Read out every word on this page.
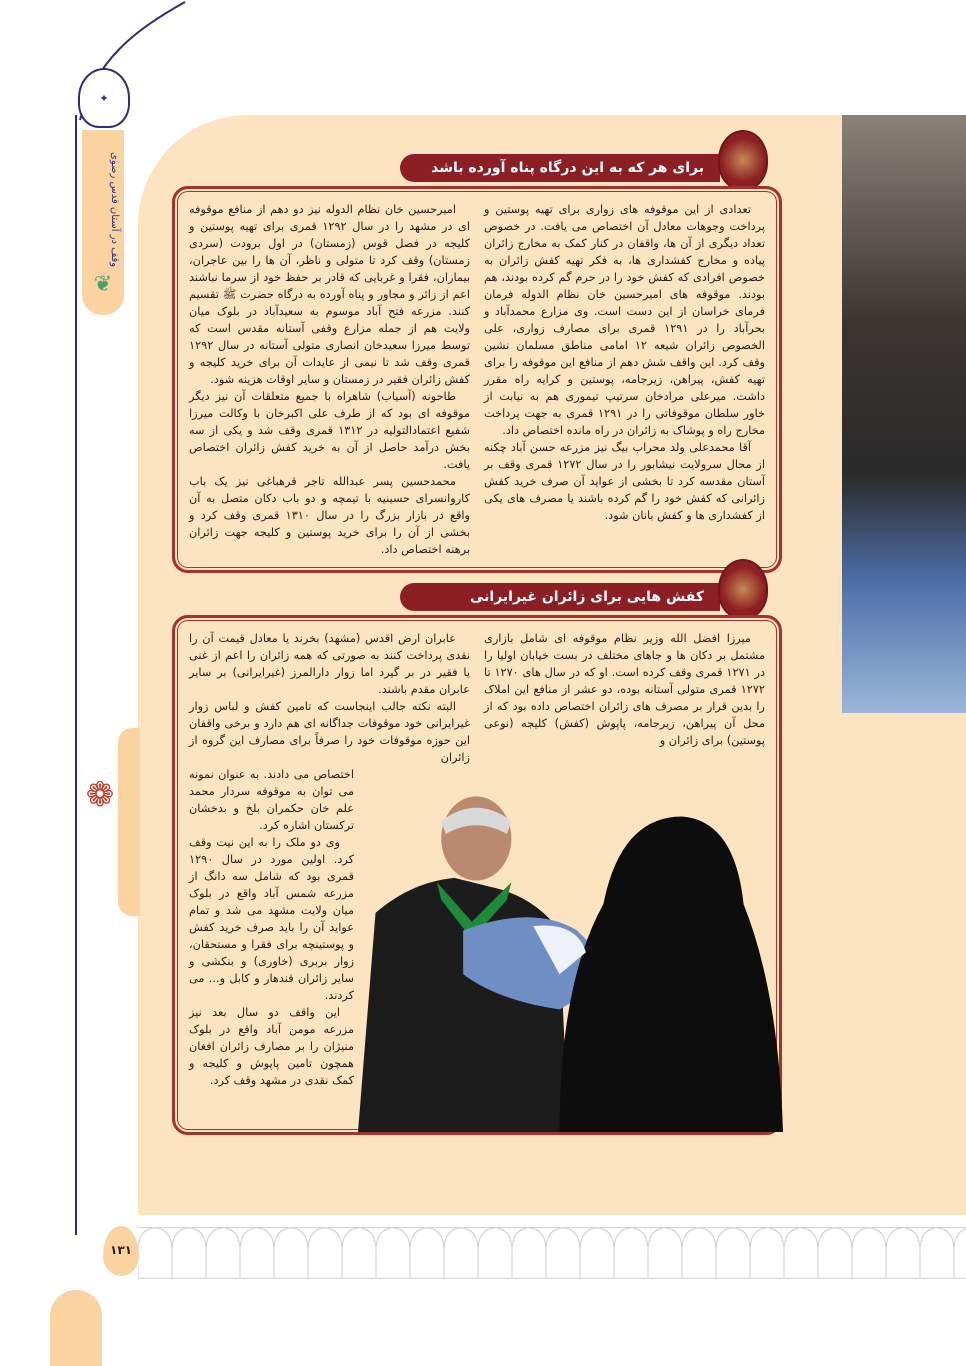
✦
وقف در آستان قدس رضوی
❦
❁
برای هر که به این درگاه پناه آورده باشد

تعدادی از این موقوفه های زواری برای تهیه پوستین و پرداخت وجوهات معادل آن اختصاص می یافت. در خصوص تعداد دیگری از آن ها، واقفان در کنار کمک به مخارج زائران پیاده و مخارج کفشداری ها، به فکر تهیه کفش زائران به خصوص افرادی که کفش خود را در حرم گم کرده بودند، هم بودند. موقوفه های امیرحسین خان نظام الدوله فرمان فرمای خراسان از این دست است. وی مزارع محمدآباد و بحرآباد را در ۱۲۹۱ قمری برای مصارف زواری، علی الخصوص زائران شیعه ۱۲ امامی مناطق مسلمان نشین وقف کرد. این واقف شش دهم از منافع این موقوفه را برای تهیه کفش، پیراهن، زیرجامه، پوستین و کرایه راه مقرر داشت. میرعلی مرادخان سرتیپ تیموری هم به نیابت از خاور سلطان موقوفاتی را در ۱۲۹۱ قمری به جهت پرداخت مخارج راه و پوشاک به زائران در راه مانده اختصاص داد.

آقا محمدعلی ولد محراب بیگ نیز مزرعه حسن آباد چکنه از محال سرولایت نیشابور را در سال ۱۲۷۲ قمری وقف بر آستان مقدسه کرد تا بخشی از عواید آن صرف خرید کفش زائرانی که کفش خود را گم کرده باشند یا مصرف های یکی از کفشداری ها و کفش بانان شود.

امیرحسین خان نظام الدوله نیز دو دهم از منافع موقوفه ای در مشهد را در سال ۱۲۹۲ قمری برای تهیه پوستین و کلیجه در فصل قوس (زمستان) در اول برودت (سردی زمستان) وقف کرد تا متولی و ناظر، آن ها را بین عاجران، بیماران، فقرا و غربایی که قادر بر حفظ خود از سرما نباشند اعم از زائر و مجاور و پناه آورده به درگاه حضرت ﷺ تقسیم کنند. مزرعه فتح آباد موسوم به سعیدآباد در بلوک میان ولایت هم از جمله مزارع وقفی آستانه مقدس است که توسط میرزا سعیدخان انصاری متولی آستانه در سال ۱۲۹۲ قمری وقف شد تا نیمی از عایدات آن برای خرید کلیجه و کفش زائران فقیر در زمستان و سایر اوقات هزینه شود.

طاحونه (آسیاب) شاهراه با جمیع متعلقات آن نیز دیگر موقوفه ای بود که از طرف علی اکبرخان با وکالت میرزا شفیع اعتمادالتولیه در ۱۳۱۲ قمری وقف شد و یکی از سه بخش درآمد حاصل از آن به خرید کفش زائران اختصاص یافت.

محمدحسین پسر عبدالله تاجر قرهباغی نیز یک باب کاروانسرای حسینیه با تیمچه و دو باب دکان متصل به آن واقع در بازار بزرگ را در سال ۱۳۱۰ قمری وقف کرد و بخشی از آن را برای خرید پوستین و کلیجه جهت زائران برهنه اختصاص داد.

کفش هایی برای زائران غیرایرانی

میرزا افضل الله وزیر نظام موقوفه ای شامل بازاری مشتمل بر دکان ها و جاهای مختلف در بست خیابان اولیا را در ۱۲۷۱ قمری وقف کرده است. او که در سال های ۱۲۷۰ تا ۱۲۷۲ قمری متولی آستانه بوده، دو عشر از منافع این املاک را بدین قرار بر مصرف های زائران اختصاص داده بود که از محل آن پیراهن، زیرجامه، پاپوش (کفش) کلیجه (نوعی پوستین) برای زائران و

عابران ارض اقدس (مشهد) بخرند یا معادل قیمت آن را نقدی پرداخت کنند به صورتی که همه زائران را اعم از غنی یا فقیر در بر گیرد اما زوار دارالمرز (غیرایرانی) بر سایر عابران مقدم باشند.

البته نکته جالب اینجاست که تامین کفش و لباس زوار غیرایرانی خود موقوفات جداگانه ای هم دارد و برخی واقفان این حوزه موقوفات خود را صرفاً برای مصارف این گروه از زائران

اختصاص می دادند. به عنوان نمونه می توان به موقوفه سردار محمد علم خان حکمران بلخ و بدخشان ترکستان اشاره کرد.

وی دو ملک را به این نیت وقف کرد. اولین مورد در سال ۱۲۹۰ قمری بود که شامل سه دانگ از مزرعه شمس آباد واقع در بلوک میان ولایت مشهد می شد و تمام عواید آن را باید صرف خرید کفش و پوستینچه برای فقرا و مستحقان، زوار بربری (خاوری) و بنکشی و سایر زائران قندهار و کابل و... می کردند.

این واقف دو سال بعد نیز مزرعه مومن آباد واقع در بلوک منیژان را بر مصارف زائران افغان همچون تامین پاپوش و کلیجه و کمک نقدی در مشهد وقف کرد.

۱۳۱
